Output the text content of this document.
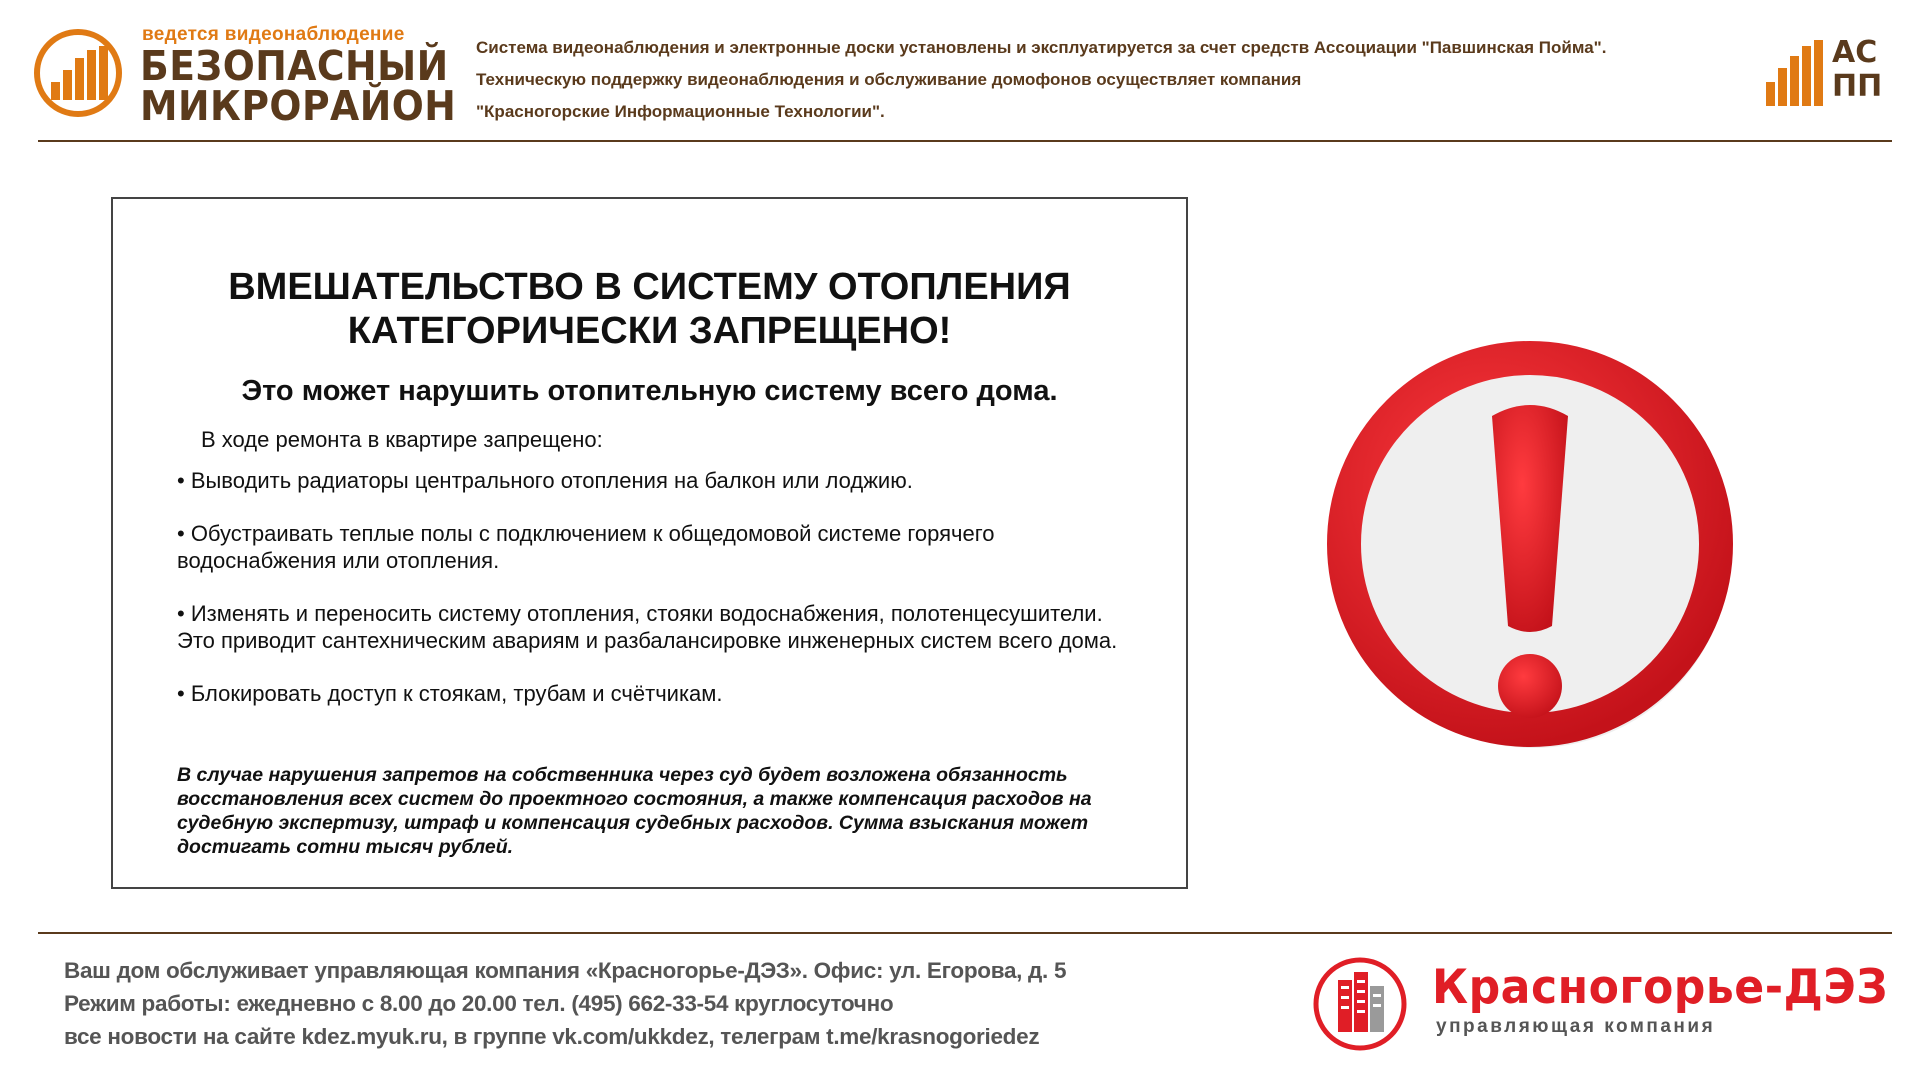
ведется видеонаблюдение
БЕЗОПАСНЫЙ
МИКРОРАЙОН
Система видеонаблюдения и электронные доски установлены и эксплуатируется за счет средств Ассоциации "Павшинская Пойма".
Техническую поддержку видеонаблюдения и обслуживание домофонов осуществляет компания
"Красногорские Информационные Технологии".
АС
ПП
ВМЕШАТЕЛЬСТВО В СИСТЕМУ ОТОПЛЕНИЯ
КАТЕГОРИЧЕСКИ ЗАПРЕЩЕНО!
Это может нарушить отопительную систему всего дома.
В ходе ремонта в квартире запрещено:
• Выводить радиаторы центрального отопления на балкон или лоджию.
• Обустраивать теплые полы с подключением к общедомовой системе горячего водоснабжения или отопления.
• Изменять и переносить систему отопления, стояки водоснабжения, полотенцесушители. Это приводит сантехническим авариям и разбалансировке инженерных систем всего дома.
• Блокировать доступ к стоякам, трубам и счётчикам.
В случае нарушения запретов на собственника через суд будет возложена обязанность восстановления всех систем до проектного состояния, а также компенсация расходов на судебную экспертизу, штраф и компенсация судебных расходов. Сумма взыскания может достигать сотни тысяч рублей.
Ваш дом обслуживает управляющая компания «Красногорье-ДЭЗ». Офис: ул. Егорова, д. 5
Режим работы: ежедневно с 8.00 до 20.00 тел. (495) 662-33-54 круглосуточно
все новости на сайте kdez.myuk.ru, в группе vk.com/ukkdez, телеграм t.me/krasnogoriedez
Красногорье-ДЭЗ
управляющая компания
